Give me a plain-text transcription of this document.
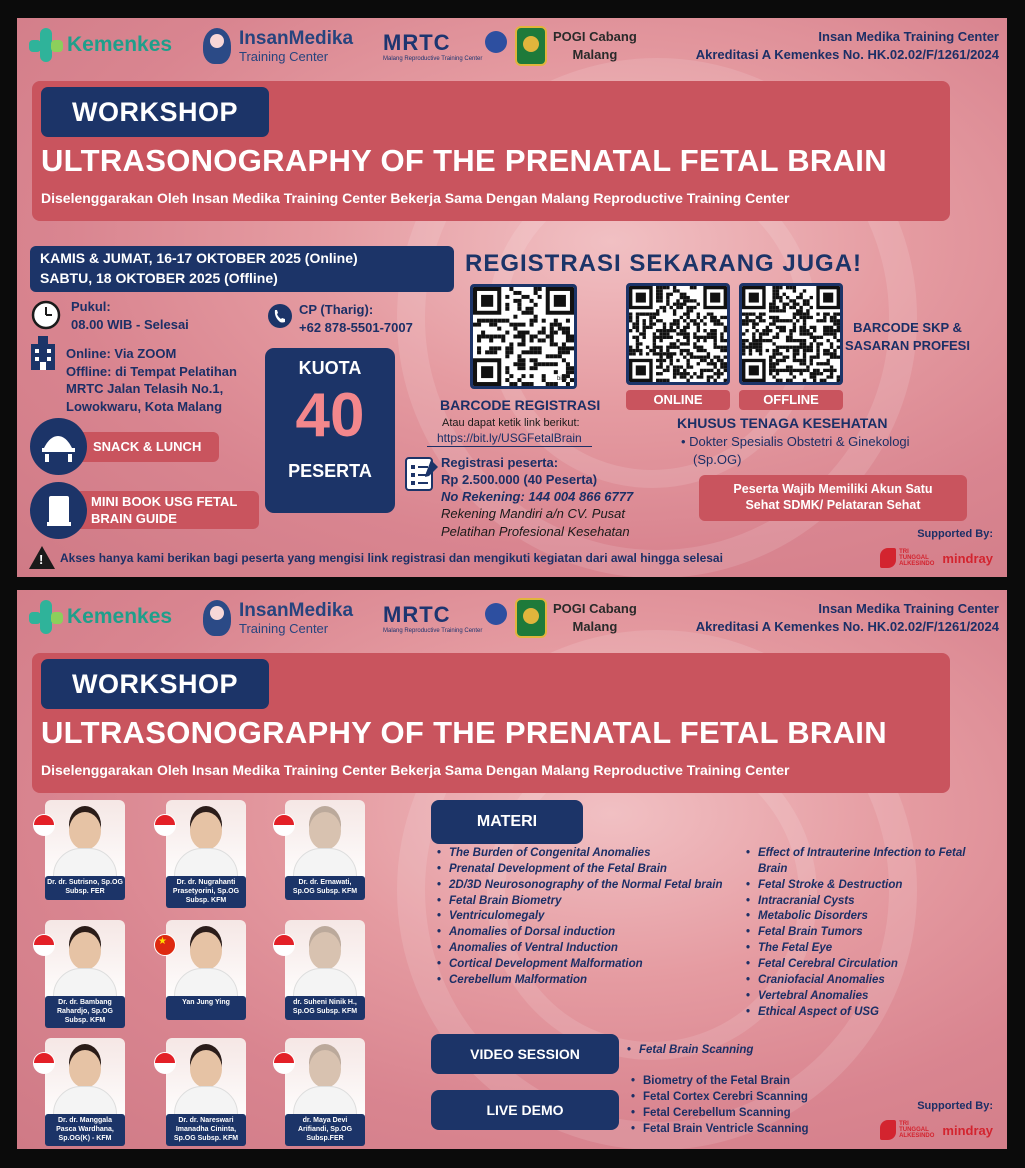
Kemenkes	InsanMedika
Training Center
MRTC
Malang Reproductive Training Center
POGI Cabang
Malang
Insan Medika Training Center
Akreditasi A Kemenkes No. HK.02.02/F/1261/2024
WORKSHOP
ULTRASONOGRAPHY OF THE PRENATAL FETAL BRAIN
Diselenggarakan Oleh Insan Medika Training Center Bekerja Sama Dengan Malang Reproductive Training Center
KAMIS & JUMAT, 16-17 OKTOBER 2025 (Online)
SABTU, 18 OKTOBER 2025 (Offline)
Pukul:
08.00 WIB - Selesai
CP (Tharig):
+62 878-5501-7007
Online: Via ZOOM
Offline: di Tempat Pelatihan
MRTC Jalan Telasih No.1,
Lowokwaru, Kota Malang
SNACK & LUNCH
MINI BOOK USG FETAL
BRAIN GUIDE
KUOTA
40
PESERTA
REGISTRASI SEKARANG JUGA!
bitly
BARCODE REGISTRASI
Atau dapat ketik link berikut:
https://bit.ly/USGFetalBrain
Registrasi peserta:
Rp 2.500.000 (40 Peserta)
No Rekening: 144 004 866 6777
Rekening Mandiri a/n CV. Pusat
Pelatihan Profesional Kesehatan
ONLINE	OFFLINE
BARCODE SKP &
SASARAN PROFESI
KHUSUS TENAGA KESEHATAN
• Dokter Spesialis Obstetri & Ginekologi
(Sp.OG)
Peserta Wajib Memiliki Akun Satu
Sehat SDMK/ Pelataran Sehat
!
Akses hanya kami berikan bagi peserta yang mengisi link registrasi dan mengikuti kegiatan dari awal hingga selesai
Supported By:
TRI
TUNGGAL
ALKESINDO mindray
Kemenkes	InsanMedika
Training Center
MRTC
Malang Reproductive Training Center
POGI Cabang
Malang
Insan Medika Training Center
Akreditasi A Kemenkes No. HK.02.02/F/1261/2024
WORKSHOP
ULTRASONOGRAPHY OF THE PRENATAL FETAL BRAIN
Diselenggarakan Oleh Insan Medika Training Center Bekerja Sama Dengan Malang Reproductive Training Center
Dr. dr. Sutrisno, Sp.OG Subsp. FER
Dr. dr. Nugrahanti Prasetyorini, Sp.OG Subsp. KFM
Dr. dr. Ernawati, Sp.OG Subsp. KFM
Dr. dr. Bambang Rahardjo, Sp.OG Subsp. KFM
Yan Jung Ying
★	dr. Suheni Ninik H., Sp.OG Subsp. KFM
Dr. dr. Manggala Pasca Wardhana, Sp.OG(K) - KFM
Dr. dr. Nareswari Imanadha Cininta, Sp.OG Subsp. KFM
dr. Maya Devi Arifiandi, Sp.OG Subsp.FER
MATERI
• The Burden of Congenital Anomalies
• Prenatal Development of the Fetal Brain
• 2D/3D Neurosonography of the Normal Fetal brain
• Fetal Brain Biometry
• Ventriculomegaly
• Anomalies of Dorsal induction
• Anomalies of Ventral Induction
• Cortical Development Malformation
• Cerebellum Malformation
• Effect of Intrauterine Infection to Fetal Brain
• Fetal Stroke & Destruction
• Intracranial Cysts
• Metabolic Disorders
• Fetal Brain Tumors
• The Fetal Eye
• Fetal Cerebral Circulation
• Craniofacial Anomalies
• Vertebral Anomalies
• Ethical Aspect of USG
VIDEO SESSION
•	Fetal Brain Scanning
LIVE DEMO
• Biometry of the Fetal Brain
• Fetal Cortex Cerebri Scanning
• Fetal Cerebellum Scanning
• Fetal Brain Ventricle Scanning
Supported By:
TRI
TUNGGAL
ALKESINDO mindray
